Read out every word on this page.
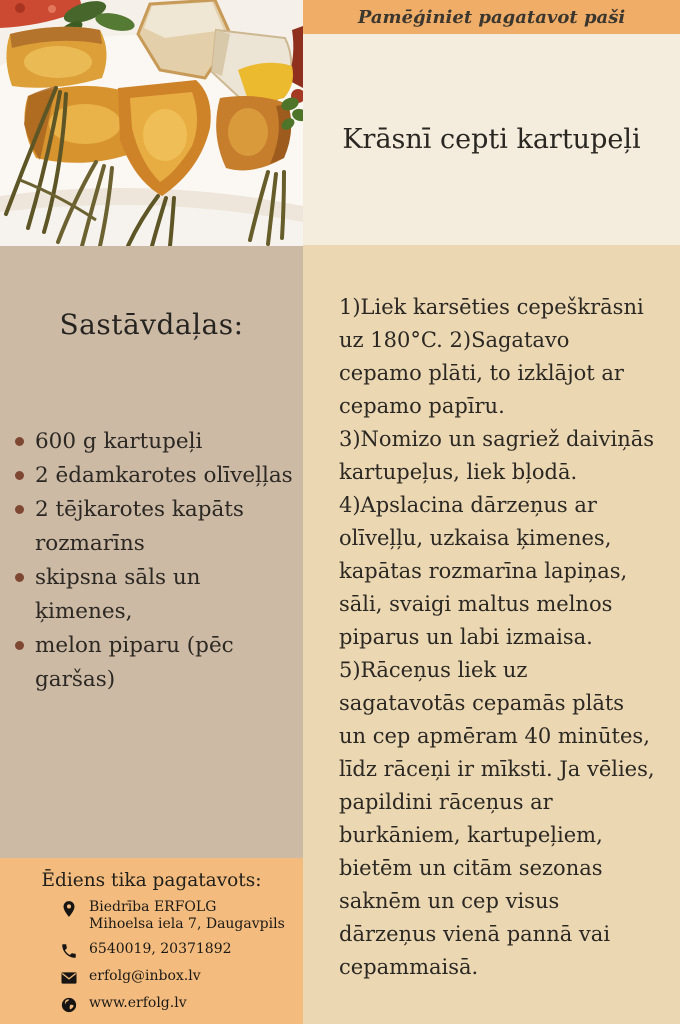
Sastāvdaļas:
600 g kartupeļi
2 ēdamkarotes olīveļļas
2 tējkarotes kapāts rozmarīns
skipsna sāls un ķimenes,
melon piparu (pēc garšas)
Ēdiens tika pagatavots:
Biedrība ERFOLG
Mihoelsa iela 7, Daugavpils
6540019, 20371892
erfolg@inbox.lv
www.erfolg.lv
Pamēģiniet pagatavot paši
Krāsnī cepti kartupeļi

1)Liek karsēties cepeškrāsni uz 180°C. 2)Sagatavo cepamo plāti, to izklājot ar cepamo papīru.

3)Nomizo un sagriež daiviņās kartupeļus, liek bļodā.

4)Apslacina dārzeņus ar olīveļļu, uzkaisa ķimenes, kapātas rozmarīna lapiņas, sāli, svaigi maltus melnos piparus un labi izmaisa.

5)Rāceņus liek uz sagatavotās cepamās plāts un cep apmēram 40 minūtes, līdz rāceņi ir mīksti. Ja vēlies, papildini rāceņus ar burkāniem, kartupeļiem, bietēm un citām sezonas saknēm un cep visus dārzeņus vienā pannā vai cepammaisā.
